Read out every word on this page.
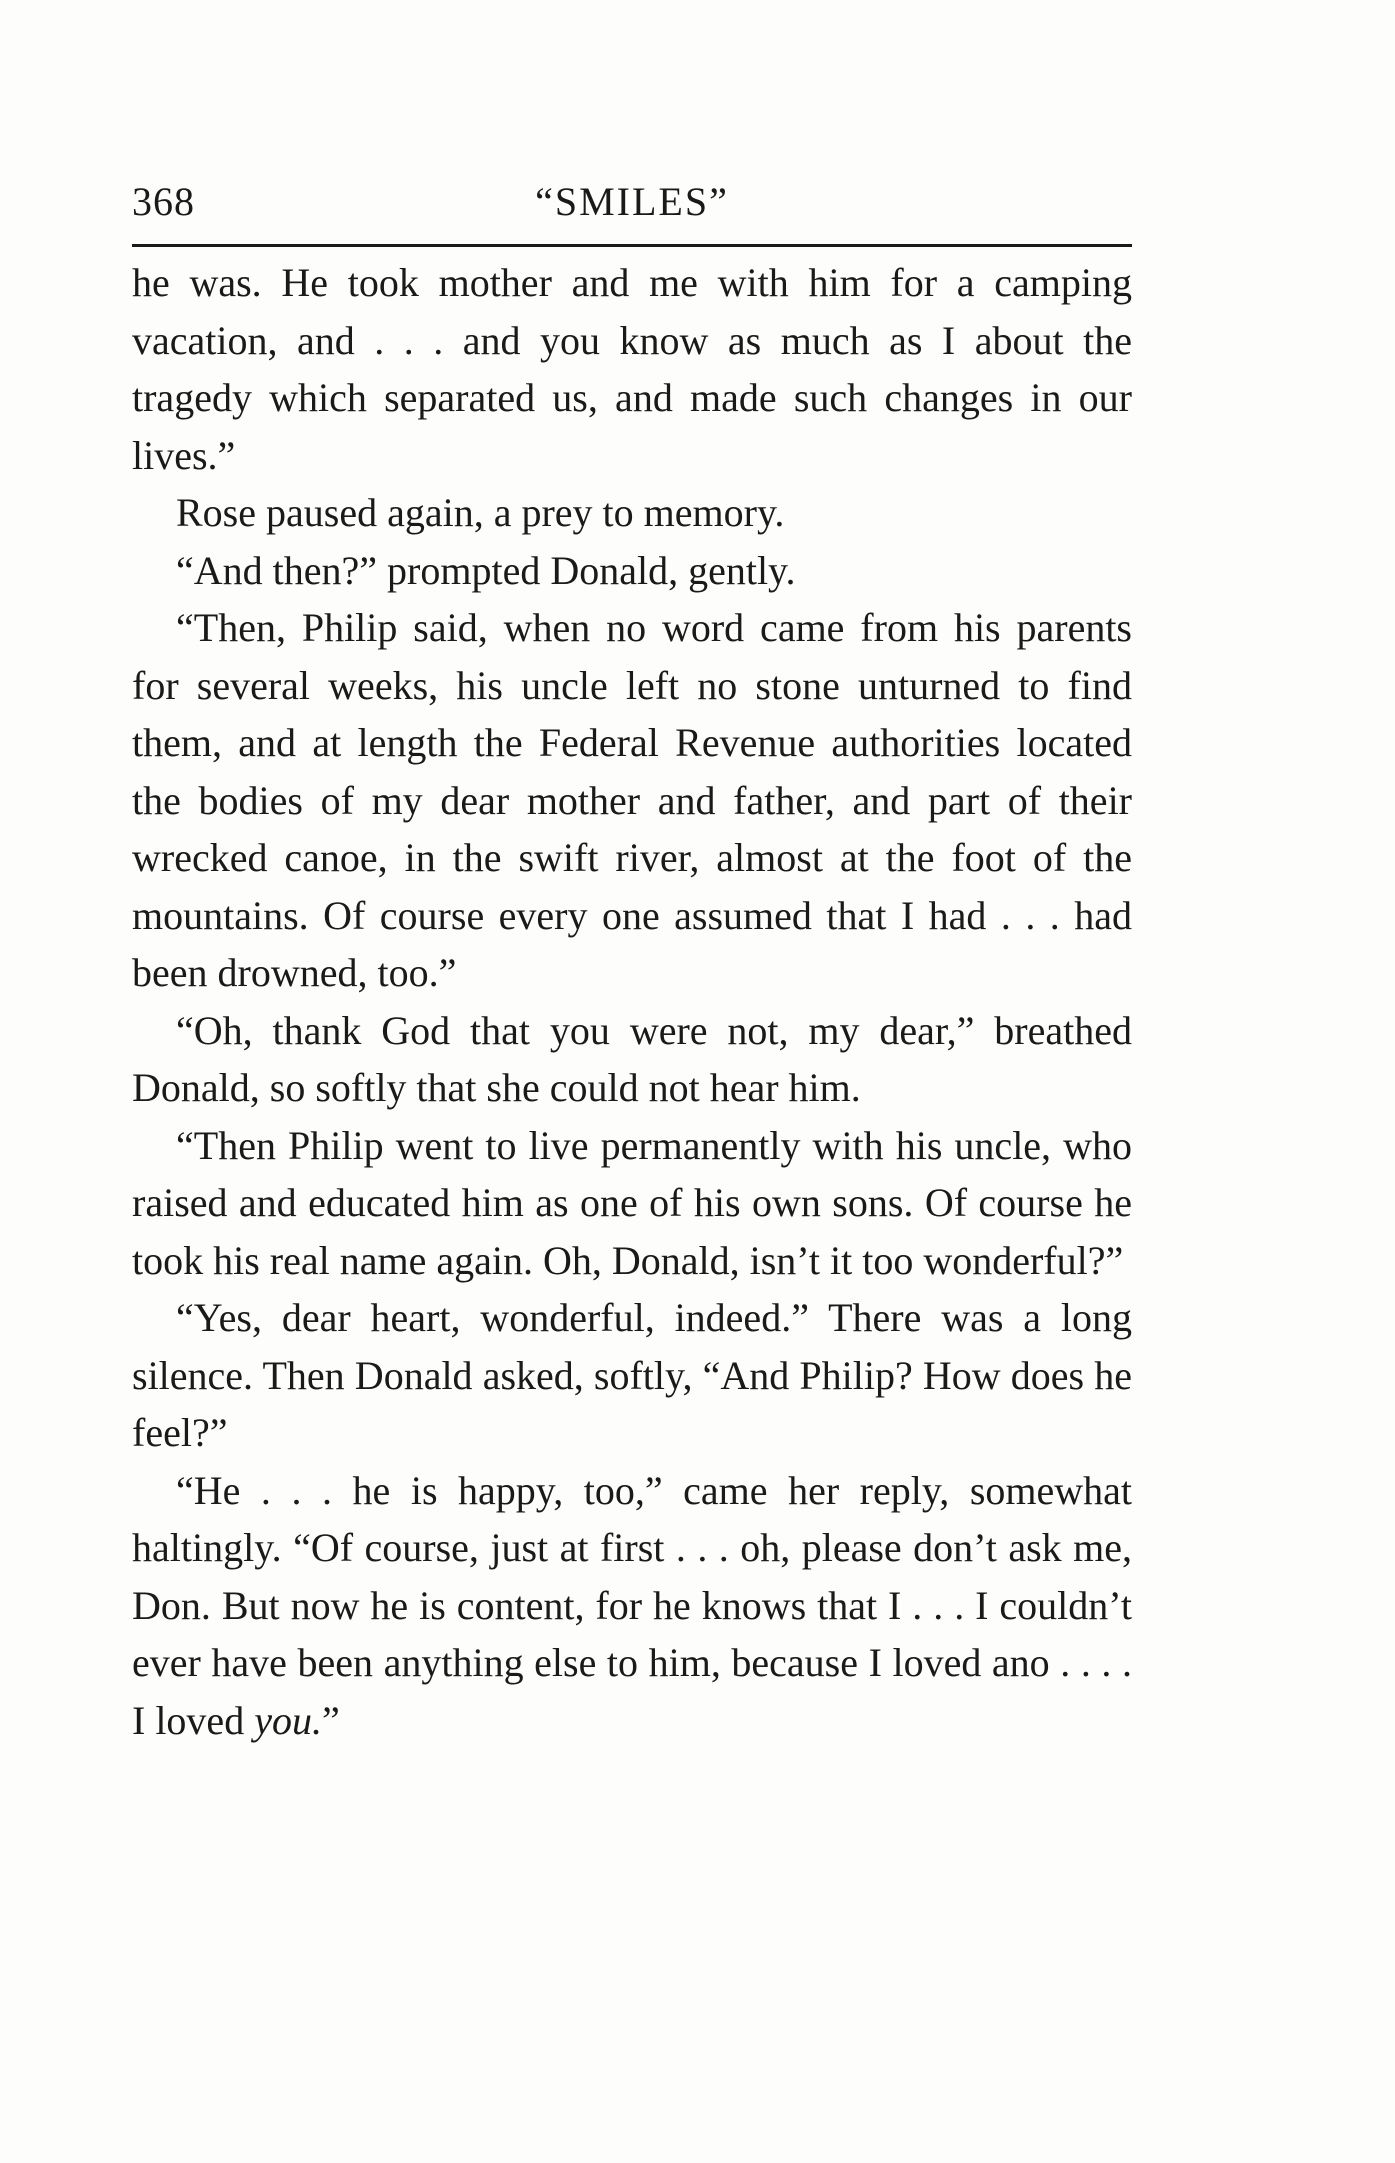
368	“SMILES”

he was. He took mother and me with him for a camping vacation, and . . . and you know as much as I about the tragedy which separated us, and made such changes in our lives.”

Rose paused again, a prey to memory.

“And then?” prompted Donald, gently.

“Then, Philip said, when no word came from his parents for several weeks, his uncle left no stone unturned to find them, and at length the Federal Revenue authorities located the bodies of my dear mother and father, and part of their wrecked canoe, in the swift river, almost at the foot of the mountains. Of course every one assumed that I had . . . had been drowned, too.”

“Oh, thank God that you were not, my dear,” breathed Donald, so softly that she could not hear him.

“Then Philip went to live permanently with his uncle, who raised and educated him as one of his own sons. Of course he took his real name again. Oh, Donald, isn’t it too wonderful?”

“Yes, dear heart, wonderful, indeed.” There was a long silence. Then Donald asked, softly, “And Philip? How does he feel?”

“He . . . he is happy, too,” came her reply, somewhat haltingly. “Of course, just at first . . . oh, please don’t ask me, Don. But now he is content, for he knows that I . . . I couldn’t ever have been anything else to him, because I loved ano . . . . I loved you.”
